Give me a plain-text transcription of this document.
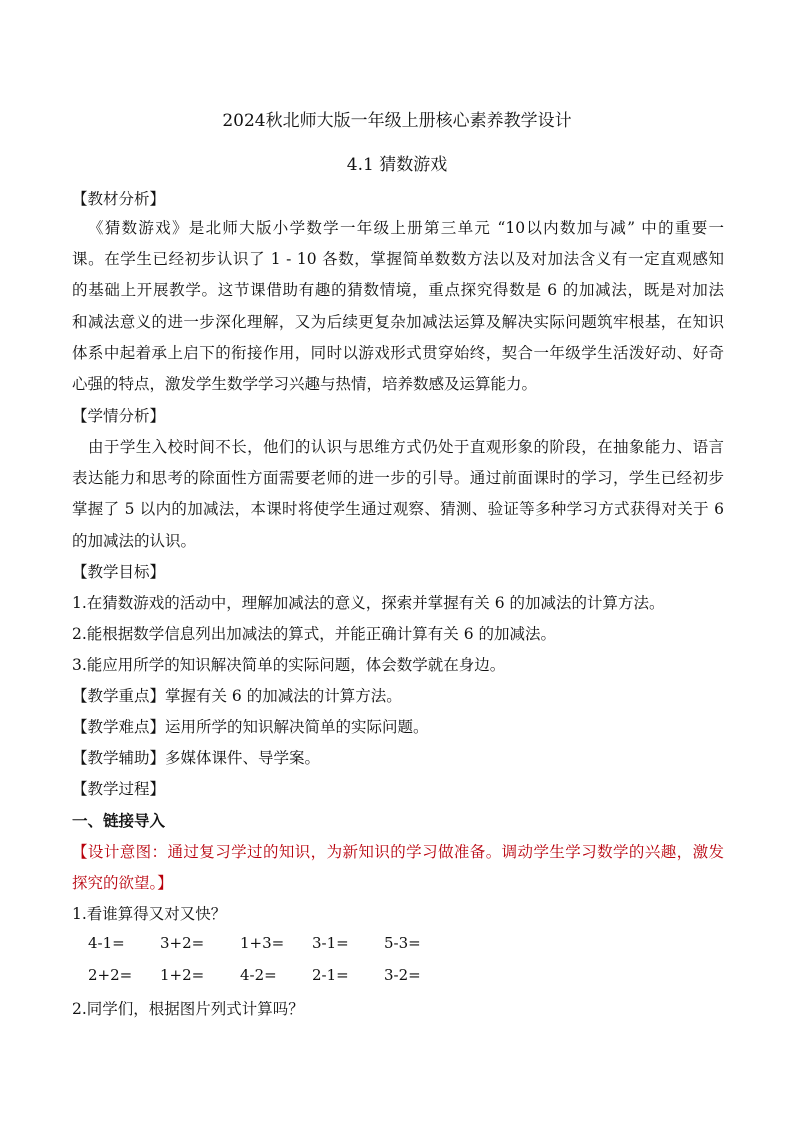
2024秋北师大版一年级上册核心素养教学设计
4.1 猜数游戏
【教材分析】
《猜数游戏》是北师大版小学数学一年级上册第三单元 “10以内数加与减” 中的重要一
课。在学生已经初步认识了 1 - 10 各数，掌握简单数数方法以及对加法含义有一定直观感知
的基础上开展教学。这节课借助有趣的猜数情境，重点探究得数是 6 的加减法，既是对加法
和减法意义的进一步深化理解，又为后续更复杂加减法运算及解决实际问题筑牢根基，在知识
体系中起着承上启下的衔接作用，同时以游戏形式贯穿始终，契合一年级学生活泼好动、好奇
心强的特点，激发学生数学学习兴趣与热情，培养数感及运算能力。
【学情分析】
由于学生入校时间不长，他们的认识与思维方式仍处于直观形象的阶段，在抽象能力、语言
表达能力和思考的除面性方面需要老师的进一步的引导。通过前面课时的学习，学生已经初步
掌握了 5 以内的加减法，本课时将使学生通过观察、猜测、验证等多种学习方式获得对关于 6
的加减法的认识。
【教学目标】
1.在猜数游戏的活动中，理解加减法的意义，探索并掌握有关 6 的加减法的计算方法。
2.能根据数学信息列出加减法的算式，并能正确计算有关 6 的加减法。
3.能应用所学的知识解决简单的实际问题，体会数学就在身边。
【教学重点】掌握有关 6 的加减法的计算方法。
【教学难点】运用所学的知识解决简单的实际问题。
【教学辅助】多媒体课件、导学案。
【教学过程】
一、链接导入
【设计意图：通过复习学过的知识，为新知识的学习做准备。调动学生学习数学的兴趣，激发
探究的欲望。】
1.看谁算得又对又快？
4-1= 3+2= 1+3= 3-1= 5-3=
2+2= 1+2= 4-2= 2-1= 3-2=
2.同学们，根据图片列式计算吗？
